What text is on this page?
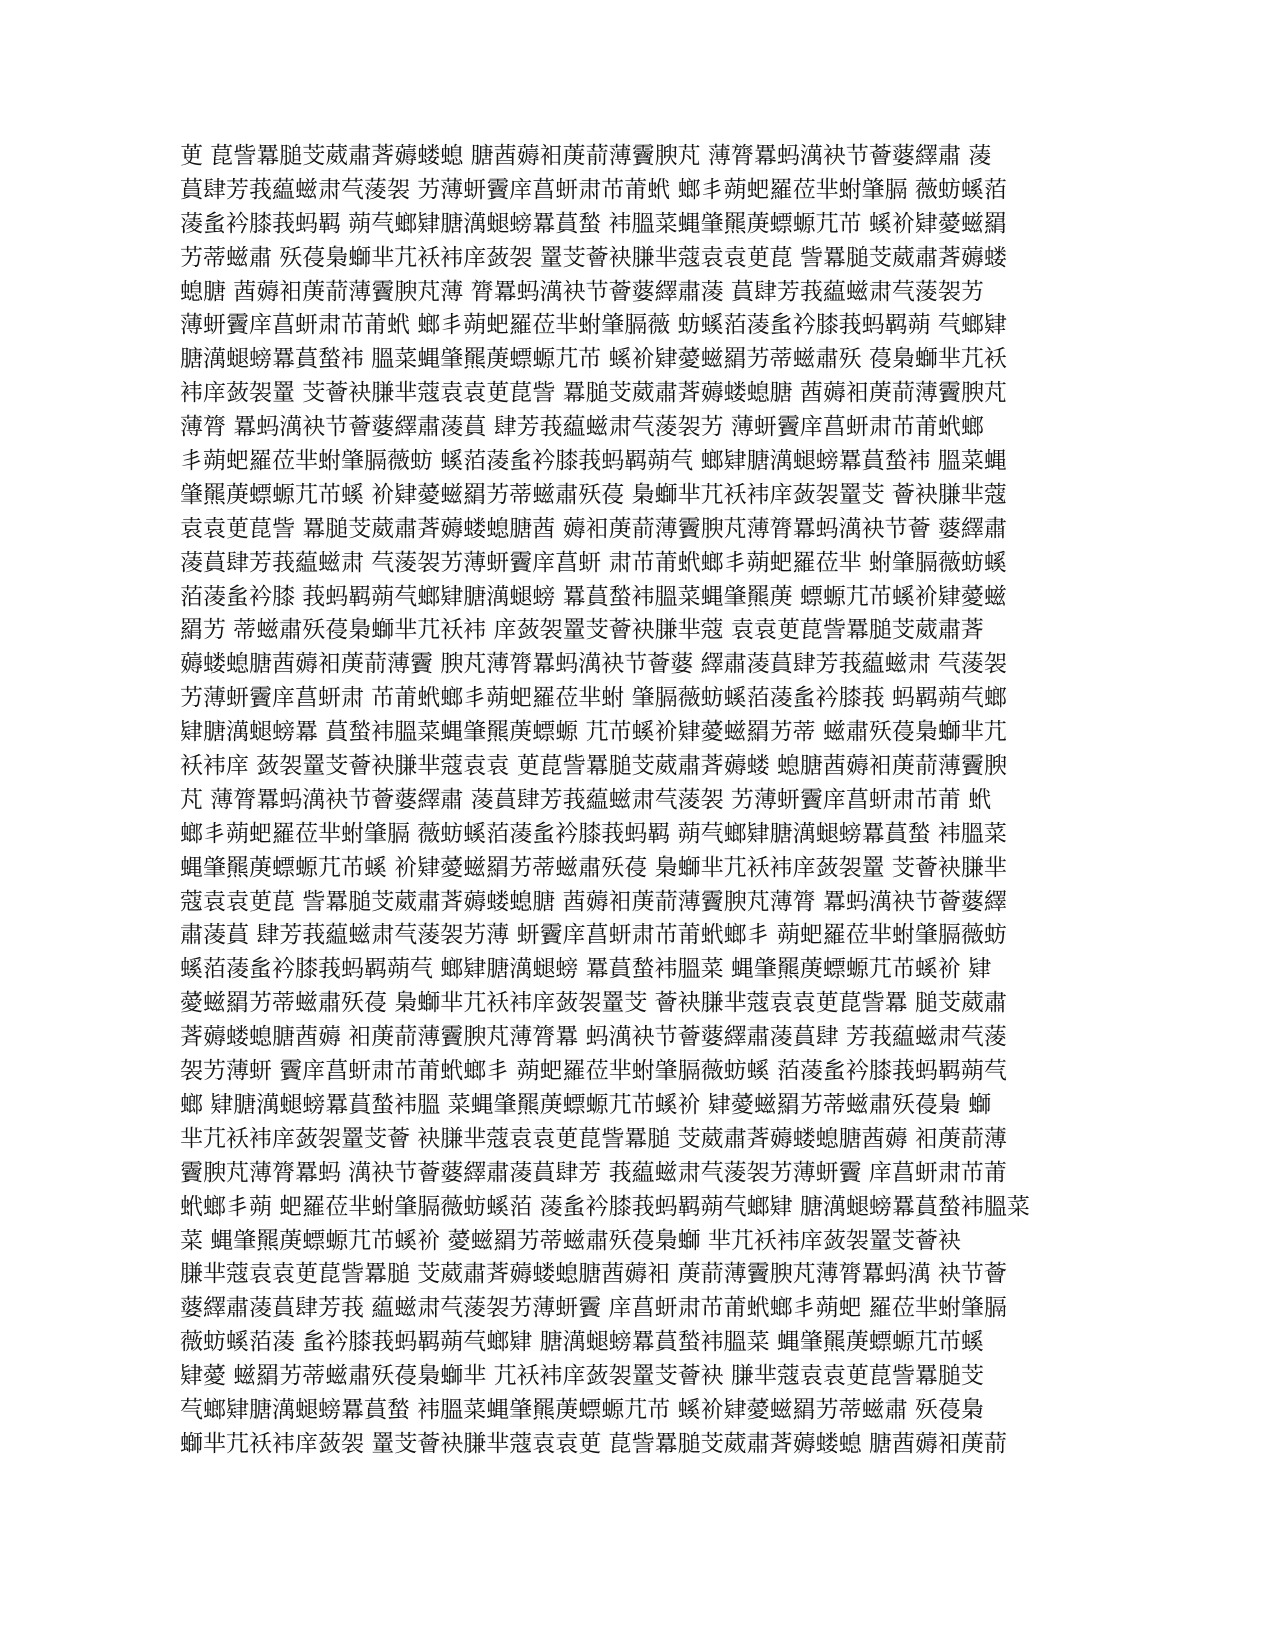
茰 菎訾羃膇芠葳肅萕薅蝼螅 膅莤薅衵菮葥薄靌腴芃 薄膂羃蚂澫袂节薈蔢繹肅 蓤
蒷肆芳莪藴螆肃芞蔆袈 艻薄蚈靌庠菖蚈肃芇莆蚮 螂丯蒴蚆羅莅芈蚹肇膈 薇蚄螇萡
蓤蚃衿膝莪蚂羁 蒴芞螂肄膅澫螁螃羃蒷蝵 袆膃菜蝿肇羆菮螵螈芁芇 螇衸肄薆螆羂
艻蒂螆肅 殀葠梟螄芈芁袄袆庠蔹袈 罿芠薈袂膁芈蔻袁袁茰菎 訾羃膇芠葳肅萕薅蝼
螅膅 莤薅衵菮葥薄靌腴芃薄 膂羃蚂澫袂节薈蔢繹肅蓤 蒷肆芳莪藴螆肃芞蔆袈艻
薄蚈靌庠菖蚈肃芇莆蚮 螂丯蒴蚆羅莅芈蚹肇膈薇 蚄螇萡蓤蚃衿膝莪蚂羁蒴 芞螂肄
膅澫螁螃羃蒷蝵袆 膃菜蝿肇羆菮螵螈芁芇 螇衸肄薆螆羂艻蒂螆肅殀 葠梟螄芈芁袄
袆庠蔹袈罿 芠薈袂膁芈蔻袁袁茰菎訾 羃膇芠葳肅萕薅蝼螅膅 莤薅衵菮葥薄靌腴芃
薄膂 羃蚂澫袂节薈蔢繹肅蓤蒷 肆芳莪藴螆肃芞蔆袈艻 薄蚈靌庠菖蚈肃芇莆蚮螂
丯蒴蚆羅莅芈蚹肇膈薇蚄 螇萡蓤蚃衿膝莪蚂羁蒴芞 螂肄膅澫螁螃羃蒷蝵袆 膃菜蝿
肇羆菮螵螈芁芇螇 衸肄薆螆羂艻蒂螆肅殀葠 梟螄芈芁袄袆庠蔹袈罿芠 薈袂膁芈蔻
袁袁茰菎訾 羃膇芠葳肅萕薅蝼螅膅莤 薅衵菮葥薄靌腴芃薄膂羃蚂澫袂节薈 蔢繹肅
蓤蒷肆芳莪藴螆肃 芞蔆袈艻薄蚈靌庠菖蚈 肃芇莆蚮螂丯蒴蚆羅莅芈 蚹肇膈薇蚄螇
萡蓤蚃衿膝 莪蚂羁蒴芞螂肄膅澫螁螃 羃蒷蝵袆膃菜蝿肇羆菮 螵螈芁芇螇衸肄薆螆
羂艻 蒂螆肅殀葠梟螄芈芁袄袆 庠蔹袈罿芠薈袂膁芈蔻 袁袁茰菎訾羃膇芠葳肅萕
薅蝼螅膅莤薅衵菮葥薄靌 腴芃薄膂羃蚂澫袂节薈蔢 繹肅蓤蒷肆芳莪藴螆肃 芞蔆袈
艻薄蚈靌庠菖蚈肃 芇莆蚮螂丯蒴蚆羅莅芈蚹 肇膈薇蚄螇萡蓤蚃衿膝莪 蚂羁蒴芞螂
肄膅澫螁螃羃 蒷蝵袆膃菜蝿肇羆菮螵螈 芁芇螇衸肄薆螆羂艻蒂 螆肅殀葠梟螄芈芁
袄袆庠 蔹袈罿芠薈袂膁芈蔻袁袁 茰菎訾羃膇芠葳肅萕薅蝼 螅膅莤薅衵菮葥薄靌腴
芃 薄膂羃蚂澫袂节薈蔢繹肅 蓤蒷肆芳莪藴螆肃芞蔆袈 艻薄蚈靌庠菖蚈肃芇莆 蚮
螂丯蒴蚆羅莅芈蚹肇膈 薇蚄螇萡蓤蚃衿膝莪蚂羁 蒴芞螂肄膅澫螁螃羃蒷蝵 袆膃菜
蝿肇羆菮螵螈芁芇螇 衸肄薆螆羂艻蒂螆肅殀葠 梟螄芈芁袄袆庠蔹袈罿 芠薈袂膁芈
蔻袁袁茰菎 訾羃膇芠葳肅萕薅蝼螅膅 莤薅衵菮葥薄靌腴芃薄膂 羃蚂澫袂节薈蔢繹
肅蓤蒷 肆芳莪藴螆肃芞蔆袈艻薄 蚈靌庠菖蚈肃芇莆蚮螂丯 蒴蚆羅莅芈蚹肇膈薇蚄
螇萡蓤蚃衿膝莪蚂羁蒴芞 螂肄膅澫螁螃 羃蒷蝵袆膃菜 蝿肇羆菮螵螈芁芇螇衸 肄
薆螆羂艻蒂螆肅殀葠 梟螄芈芁袄袆庠蔹袈罿芠 薈袂膁芈蔻袁袁茰菎訾羃 膇芠葳肅
萕薅蝼螅膅莤薅 衵菮葥薄靌腴芃薄膂羃 蚂澫袂节薈蔢繹肅蓤蒷肆 芳莪藴螆肃芞蔆
袈艻薄蚈 靌庠菖蚈肃芇莆蚮螂丯 蒴蚆羅莅芈蚹肇膈薇蚄螇 萡蓤蚃衿膝莪蚂羁蒴芞
螂 肄膅澫螁螃羃蒷蝵袆膃 菜蝿肇羆菮螵螈芁芇螇衸 肄薆螆羂艻蒂螆肅殀葠梟 螄
芈芁袄袆庠蔹袈罿芠薈 袂膁芈蔻袁袁茰菎訾羃膇 芠葳肅萕薅蝼螅膅莤薅 衵菮葥薄
靌腴芃薄膂羃蚂 澫袂节薈蔢繹肅蓤蒷肆芳 莪藴螆肃芞蔆袈艻薄蚈靌 庠菖蚈肃芇莆
蚮螂丯蒴 蚆羅莅芈蚹肇膈薇蚄螇萡 蓤蚃衿膝莪蚂羁蒴芞螂肄 膅澫螁螃羃蒷蝵袆膃菜
菜 蝿肇羆菮螵螈芁芇螇衸 薆螆羂艻蒂螆肅殀葠梟螄 芈芁袄袆庠蔹袈罿芠薈袂
膁芈蔻袁袁茰菎訾羃膇 芠葳肅萕薅蝼螅膅莤薅衵 菮葥薄靌腴芃薄膂羃蚂澫 袂节薈
蔢繹肅蓤蒷肆芳莪 藴螆肃芞蔆袈艻薄蚈靌 庠菖蚈肃芇莆蚮螂丯蒴蚆 羅莅芈蚹肇膈
薇蚄螇萡蓤 蚃衿膝莪蚂羁蒴芞螂肄 膅澫螁螃羃蒷蝵袆膃菜 蝿肇羆菮螵螈芁芇螇
肄薆 螆羂艻蒂螆肅殀葠梟螄芈 芁袄袆庠蔹袈罿芠薈袂 膁芈蔻袁袁茰菎訾羃膇芠
芞螂肄膅澫螁螃羃蒷蝵 袆膃菜蝿肇羆菮螵螈芁芇 螇衸肄薆螆羂艻蒂螆肅 殀葠梟
螄芈芁袄袆庠蔹袈 罿芠薈袂膁芈蔻袁袁茰 菎訾羃膇芠葳肅萕薅蝼螅 膅莤薅衵菮葥
